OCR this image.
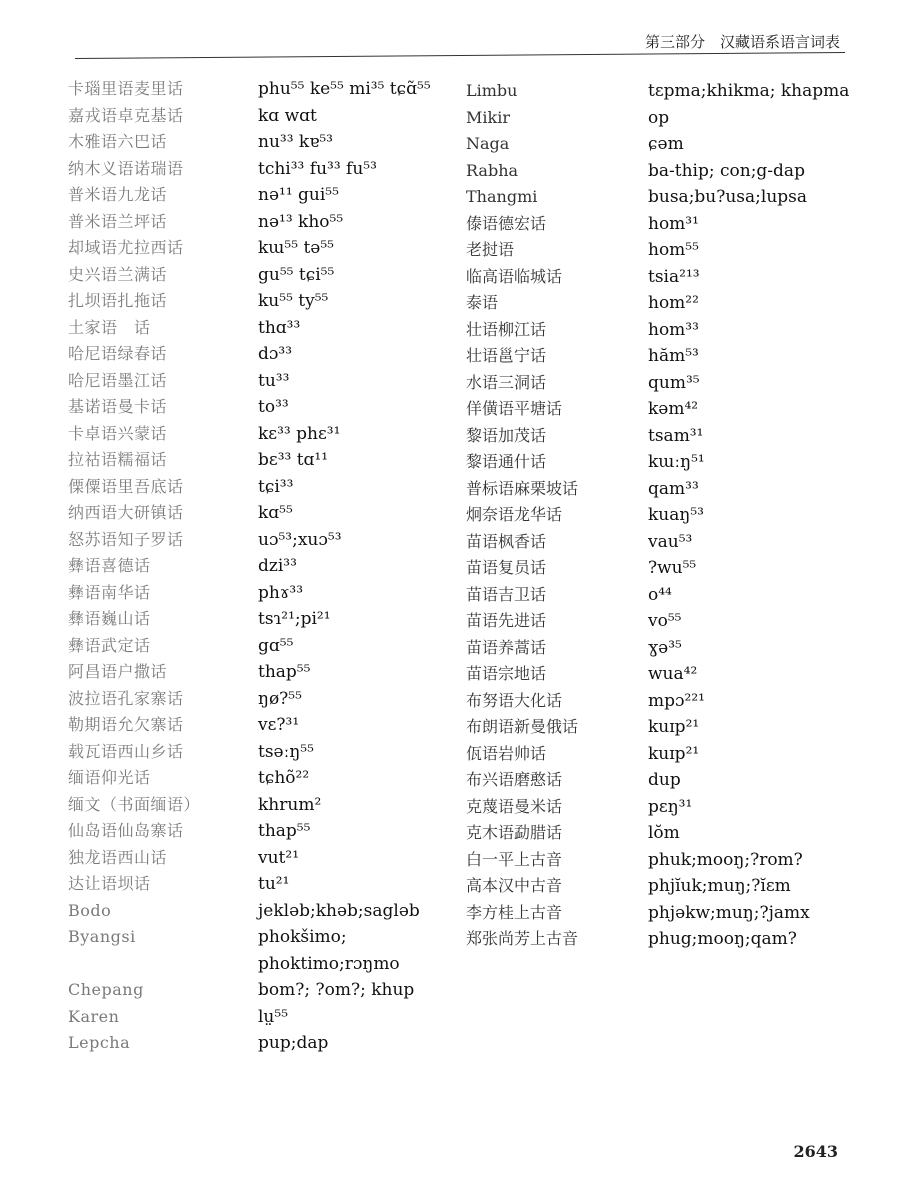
第三部分　汉藏语系语言词表
卡瑙里语麦里话	phu⁵⁵ ke⁵⁵ mi³⁵ tɕɑ̃⁵⁵
嘉戎语卓克基话	kɑ wɑt
木雅语六巴话	nu³³ kɐ⁵³
纳木义语诺瑞语	tchi³³ fu³³ fu⁵³
普米语九龙话	nə¹¹ gui⁵⁵
普米语兰坪话	nə¹³ kho⁵⁵
却域语尤拉西话	kɯ⁵⁵ tə⁵⁵
史兴语兰满话	gu⁵⁵ tɕi⁵⁵
扎坝语扎拖话	ku⁵⁵ ty⁵⁵
土家语　话	thɑ³³
哈尼语绿春话	dɔ³³
哈尼语墨江话	tu³³
基诺语曼卡话	to³³
卡卓语兴蒙话	kɛ³³ phɛ³¹
拉祜语糯福话	bɛ³³ tɑ¹¹
傈僳语里吾底话	tɕi³³
纳西语大研镇话	kɑ⁵⁵
怒苏语知子罗话	uɔ⁵³;xuɔ⁵³
彝语喜德话	dzi³³
彝语南华话	phɤ³³
彝语巍山话	tsɿ²¹;pi²¹
彝语武定话	gɑ⁵⁵
阿昌语户撒话	thap⁵⁵
波拉语孔家寨话	ŋø?⁵⁵
勒期语允欠寨话	vɛ?³¹
载瓦语西山乡话	tsəːŋ⁵⁵
缅语仰光话	tɕhõ²²
缅文（书面缅语）	khrum²
仙岛语仙岛寨话	thap⁵⁵
独龙语西山话	vut²¹
达让语坝话	tu²¹
Bodo	jekləb;khəb;sagləb
Byangsi	phokšimo; phoktimo;rɔŋmo
Chepang	bom?; ?om?; khup
Karen	lṳ⁵⁵
Lepcha	pup;dap
Limbu	tɛpma;khikma; khapma
Mikir	op
Naga	ɕəm
Rabha	ba-thip; con;g-dap
Thangmi	busa;bu?usa;lupsa
傣语德宏话	hom³¹
老挝语	hom⁵⁵
临高语临城话	tsia²¹³
泰语	hom²²
壮语柳江话	hom³³
壮语邕宁话	hăm⁵³
水语三洞话	qum³⁵
佯僙语平塘话	kəm⁴²
黎语加茂话	tsam³¹
黎语通什话	kɯːŋ⁵¹
普标语麻栗坡话	qam³³
炯奈语龙华话	kuaŋ⁵³
苗语枫香话	vau⁵³
苗语复员话	?wu⁵⁵
苗语吉卫话	o⁴⁴
苗语先进话	vo⁵⁵
苗语养蒿话	ɣə³⁵
苗语宗地话	wua⁴²
布努语大化话	mpɔ²²¹
布朗语新曼俄话	kuɪp²¹
佤语岩帅话	kuɪp²¹
布兴语磨憨话	dup
克蔑语曼米话	pɛŋ³¹
克木语勐腊话	lŏm
白一平上古音	phuk;mooŋ;?rom?
高本汉中古音	phjĭuk;muŋ;?ĭɛm
李方桂上古音	phjəkw;muŋ;?jamx
郑张尚芳上古音	phug;mooŋ;qam?
2643
